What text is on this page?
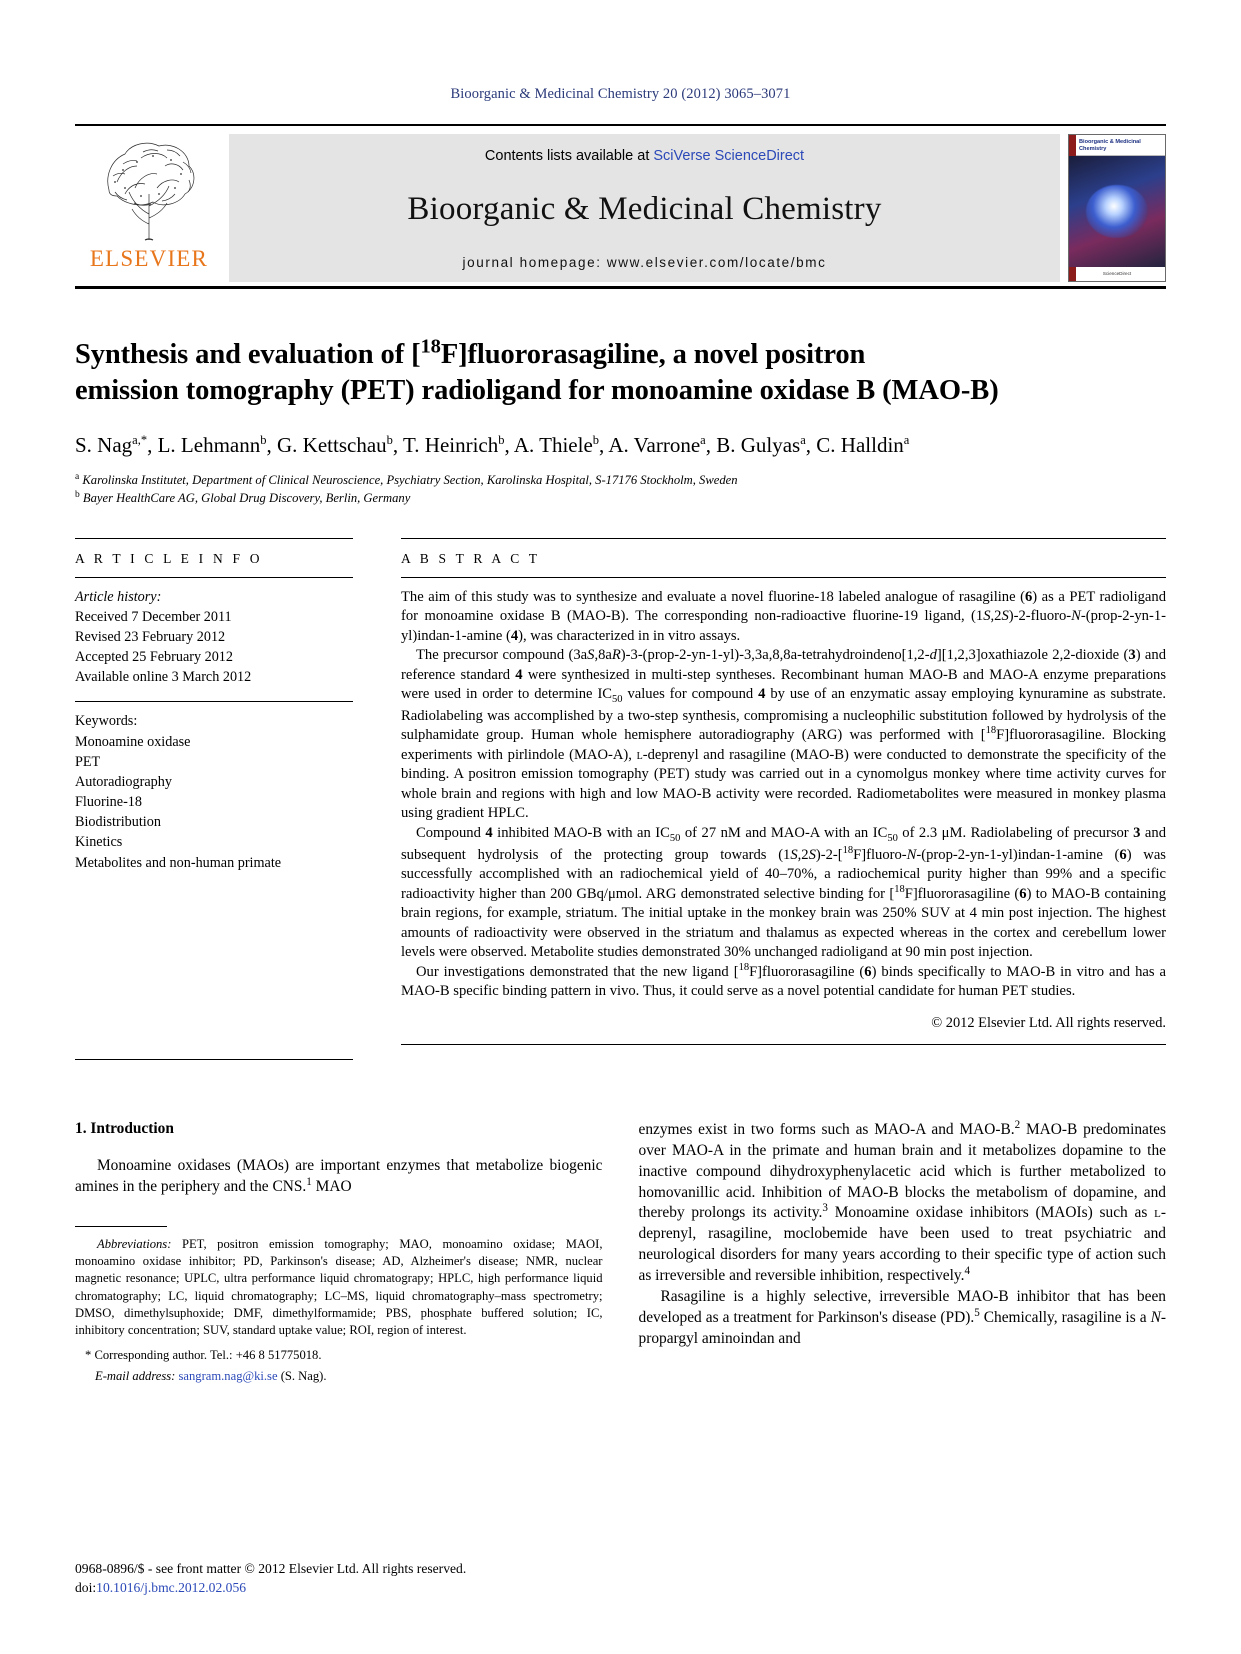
Bioorganic & Medicinal Chemistry 20 (2012) 3065–3071
ELSEVIER
Contents lists available at SciVerse ScienceDirect
Bioorganic & Medicinal Chemistry
journal homepage: www.elsevier.com/locate/bmc
Bioorganic & Medicinal Chemistry
ScienceDirect
Synthesis and evaluation of [$^{18}$F]fluororasagiline, a novel positron
emission tomography (PET) radioligand for monoamine oxidase B (MAO-B)
S. Nag$^{a,*}$, L. Lehmann$^b$, G. Kettschau$^b$, T. Heinrich$^b$, A. Thiele$^b$, A. Varrone$^a$, B. Gulyas$^a$, C. Halldin$^a$
$^a$ Karolinska Institutet, Department of Clinical Neuroscience, Psychiatry Section, Karolinska Hospital, S-17176 Stockholm, Sweden
$^b$ Bayer HealthCare AG, Global Drug Discovery, Berlin, Germany
A R T I C L E I N F O
Article history:
Received 7 December 2011
Revised 23 February 2012
Accepted 25 February 2012
Available online 3 March 2012
Keywords:
Monoamine oxidase
PET
Autoradiography
Fluorine-18
Biodistribution
Kinetics
Metabolites and non-human primate
A B S T R A C T

The aim of this study was to synthesize and evaluate a novel fluorine-18 labeled analogue of rasagiline (6) as a PET radioligand for monoamine oxidase B (MAO-B). The corresponding non-radioactive fluorine-19 ligand, (1S,2S)-2-fluoro-N-(prop-2-yn-1-yl)indan-1-amine (4), was characterized in in vitro assays.

The precursor compound (3aS,8aR)-3-(prop-2-yn-1-yl)-3,3a,8,8a-tetrahydroindeno[1,2-d][1,2,3]oxathiazole 2,2-dioxide (3) and reference standard 4 were synthesized in multi-step syntheses. Recombinant human MAO-B and MAO-A enzyme preparations were used in order to determine $IC_{50}$ values for compound 4 by use of an enzymatic assay employing kynuramine as substrate. Radiolabeling was accomplished by a two-step synthesis, compromising a nucleophilic substitution followed by hydrolysis of the sulphamidate group. Human whole hemisphere autoradiography (ARG) was performed with [$^{18}$F]fluororasagiline. Blocking experiments with pirlindole (MAO-A), l-deprenyl and rasagiline (MAO-B) were conducted to demonstrate the specificity of the binding. A positron emission tomography (PET) study was carried out in a cynomolgus monkey where time activity curves for whole brain and regions with high and low MAO-B activity were recorded. Radiometabolites were measured in monkey plasma using gradient HPLC.

Compound 4 inhibited MAO-B with an $IC_{50}$ of 27 nM and MAO-A with an $IC_{50}$ of 2.3 μM. Radiolabeling of precursor 3 and subsequent hydrolysis of the protecting group towards (1S,2S)-2-[$^{18}$F]fluoro-N-(prop-2-yn-1-yl)indan-1-amine (6) was successfully accomplished with an radiochemical yield of 40–70%, a radiochemical purity higher than 99% and a specific radioactivity higher than 200 GBq/μmol. ARG demonstrated selective binding for [$^{18}$F]fluororasagiline (6) to MAO-B containing brain regions, for example, striatum. The initial uptake in the monkey brain was 250% SUV at 4 min post injection. The highest amounts of radioactivity were observed in the striatum and thalamus as expected whereas in the cortex and cerebellum lower levels were observed. Metabolite studies demonstrated 30% unchanged radioligand at 90 min post injection.

Our investigations demonstrated that the new ligand [$^{18}$F]fluororasagiline (6) binds specifically to MAO-B in vitro and has a MAO-B specific binding pattern in vivo. Thus, it could serve as a novel potential candidate for human PET studies.

© 2012 Elsevier Ltd. All rights reserved.
1. Introduction

Monoamine oxidases (MAOs) are important enzymes that metabolize biogenic amines in the periphery and the CNS.$^1$ MAO

Abbreviations: PET, positron emission tomography; MAO, monoamino oxidase; MAOI, monoamino oxidase inhibitor; PD, Parkinson's disease; AD, Alzheimer's disease; NMR, nuclear magnetic resonance; UPLC, ultra performance liquid chromatograpy; HPLC, high performance liquid chromatography; LC, liquid chromatography; LC–MS, liquid chromatography–mass spectrometry; DMSO, dimethylsuphoxide; DMF, dimethylformamide; PBS, phosphate buffered solution; IC, inhibitory concentration; SUV, standard uptake value; ROI, region of interest.
* Corresponding author. Tel.: +46 8 51775018.
E-mail address: sangram.nag@ki.se (S. Nag).

enzymes exist in two forms such as MAO-A and MAO-B.$^2$ MAO-B predominates over MAO-A in the primate and human brain and it metabolizes dopamine to the inactive compound dihydroxyphenylacetic acid which is further metabolized to homovanillic acid. Inhibition of MAO-B blocks the metabolism of dopamine, and thereby prolongs its activity.$^3$ Monoamine oxidase inhibitors (MAOIs) such as l-deprenyl, rasagiline, moclobemide have been used to treat psychiatric and neurological disorders for many years according to their specific type of action such as irreversible and reversible inhibition, respectively.$^4$

Rasagiline is a highly selective, irreversible MAO-B inhibitor that has been developed as a treatment for Parkinson's disease (PD).$^5$ Chemically, rasagiline is a N-propargyl aminoindan and

0968-0896/$ - see front matter © 2012 Elsevier Ltd. All rights reserved.
doi:10.1016/j.bmc.2012.02.056
